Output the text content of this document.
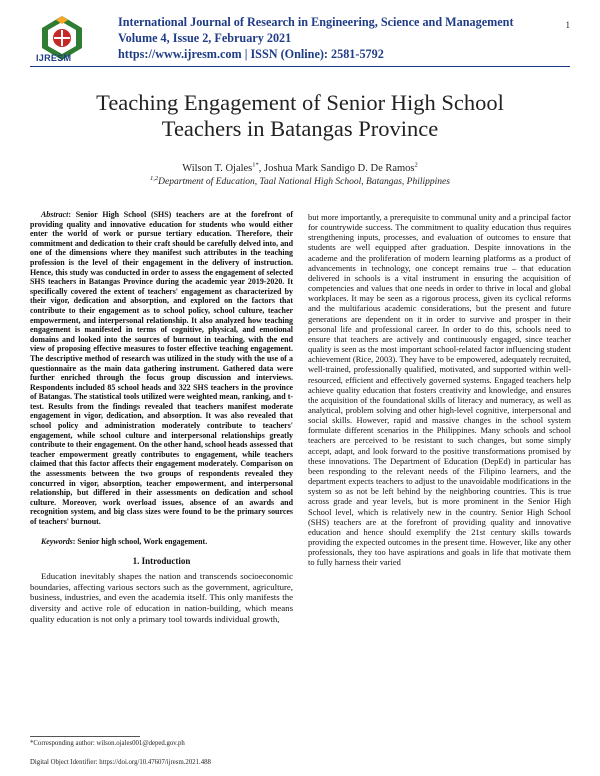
IJRESM
International Journal of Research in Engineering, Science and Management
Volume 4, Issue 2, February 2021
https://www.ijresm.com | ISSN (Online): 2581-5792
1
Teaching Engagement of Senior High School
Teachers in Batangas Province
Wilson T. Ojales$^{1*}$, Joshua Mark Sandigo D. De Ramos$^2$
$^{1,2}$Department of Education, Taal National High School, Batangas, Philippines

Abstract: Senior High School (SHS) teachers are at the forefront of providing quality and innovative education for students who would either enter the world of work or pursue tertiary education. Therefore, their commitment and dedication to their craft should be carefully delved into, and one of the dimensions where they manifest such attributes in the teaching profession is the level of their engagement in the delivery of instruction. Hence, this study was conducted in order to assess the engagement of selected SHS teachers in Batangas Province during the academic year 2019-2020. It specifically covered the extent of teachers' engagement as characterized by their vigor, dedication and absorption, and explored on the factors that contribute to their engagement as to school policy, school culture, teacher empowerment, and interpersonal relationship. It also analyzed how teaching engagement is manifested in terms of cognitive, physical, and emotional domains and looked into the sources of burnout in teaching, with the end view of proposing effective measures to foster effective teaching engagement. The descriptive method of research was utilized in the study with the use of a questionnaire as the main data gathering instrument. Gathered data were further enriched through the focus group discussion and interviews. Respondents included 85 school heads and 322 SHS teachers in the province of Batangas. The statistical tools utilized were weighted mean, ranking, and t-test. Results from the findings revealed that teachers manifest moderate engagement in vigor, dedication, and absorption. It was also revealed that school policy and administration moderately contribute to teachers' engagement, while school culture and interpersonal relationships greatly contribute to their engagement. On the other hand, school heads assessed that teacher empowerment greatly contributes to engagement, while teachers claimed that this factor affects their engagement moderately. Comparison on the assessments between the two groups of respondents revealed they concurred in vigor, absorption, teacher empowerment, and interpersonal relationship, but differed in their assessments on dedication and school culture. Moreover, work overload issues, absence of an awards and recognition system, and big class sizes were found to be the primary sources of teachers' burnout.

Keywords: Senior high school, Work engagement.

1. Introduction

Education inevitably shapes the nation and transcends socioeconomic boundaries, affecting various sectors such as the government, agriculture, business, industries, and even the academia itself. This only manifests the diversity and active role of education in nation-building, which means quality education is not only a primary tool towards individual growth,

but more importantly, a prerequisite to communal unity and a principal factor for countrywide success. The commitment to quality education thus requires strengthening inputs, processes, and evaluation of outcomes to ensure that students are well equipped after graduation. Despite innovations in the academe and the proliferation of modern learning platforms as a product of advancements in technology, one concept remains true – that education delivered in schools is a vital instrument in ensuring the acquisition of competencies and values that one needs in order to thrive in local and global workplaces. It may be seen as a rigorous process, given its cyclical reforms and the multifarious academic considerations, but the present and future generations are dependent on it in order to survive and prosper in their personal life and professional career. In order to do this, schools need to ensure that teachers are actively and continuously engaged, since teacher quality is seen as the most important school-related factor influencing student achievement (Rice, 2003). They have to be empowered, adequately recruited, well-trained, professionally qualified, motivated, and supported within well-resourced, efficient and effectively governed systems. Engaged teachers help achieve quality education that fosters creativity and knowledge, and ensures the acquisition of the foundational skills of literacy and numeracy, as well as analytical, problem solving and other high-level cognitive, interpersonal and social skills. However, rapid and massive changes in the school system formulate different scenarios in the Philippines. Many schools and school teachers are perceived to be resistant to such changes, but some simply accept, adapt, and look forward to the positive transformations promised by these innovations. The Department of Education (DepEd) in particular has been responding to the relevant needs of the Filipino learners, and the department expects teachers to adjust to the unavoidable modifications in the system so as not be left behind by the neighboring countries. This is true across grade and year levels, but is more prominent in the Senior High School level, which is relatively new in the country. Senior High School (SHS) teachers are at the forefront of providing quality and innovative education and hence should exemplify the 21st century skills towards providing the expected outcomes in the present time. However, like any other professionals, they too have aspirations and goals in life that motivate them to fully harness their varied

*Corresponding author: wilson.ojales001@deped.gov.ph
Digital Object Identifier: https://doi.org/10.47607/ijresm.2021.488
